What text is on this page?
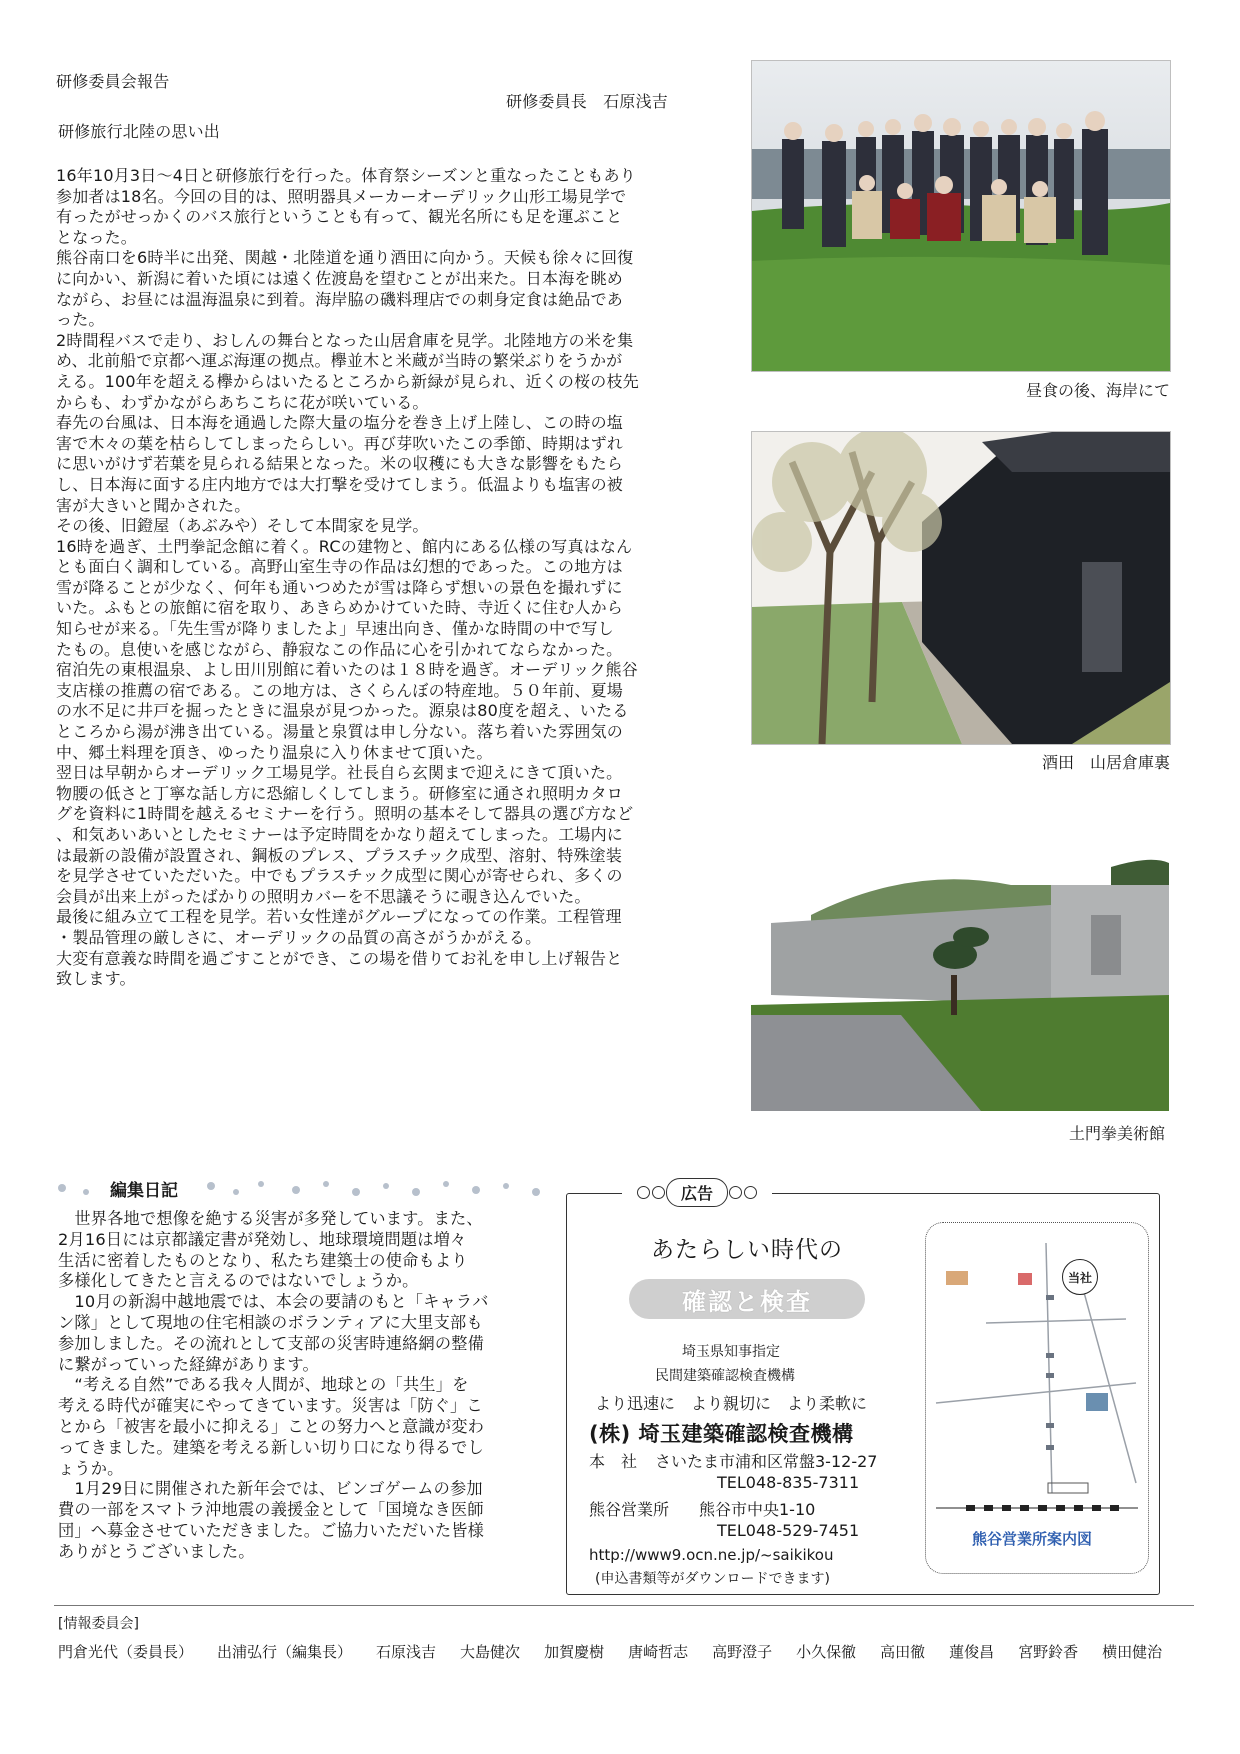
研修委員会報告
研修委員長　石原浅吉
研修旅行北陸の思い出

16年10月3日〜4日と研修旅行を行った。体育祭シーズンと重なったこともあり

参加者は18名。今回の目的は、照明器具メーカーオーデリック山形工場見学で

有ったがせっかくのバス旅行ということも有って、観光名所にも足を運ぶこと

となった。

熊谷南口を6時半に出発、関越・北陸道を通り酒田に向かう。天候も徐々に回復

に向かい、新潟に着いた頃には遠く佐渡島を望むことが出来た。日本海を眺め

ながら、お昼には温海温泉に到着。海岸脇の磯料理店での刺身定食は絶品であ

った。

2時間程バスで走り、おしんの舞台となった山居倉庫を見学。北陸地方の米を集

め、北前船で京都へ運ぶ海運の拠点。欅並木と米蔵が当時の繁栄ぶりをうかが

える。100年を超える欅からはいたるところから新緑が見られ、近くの桜の枝先

からも、わずかながらあちこちに花が咲いている。

春先の台風は、日本海を通過した際大量の塩分を巻き上げ上陸し、この時の塩

害で木々の葉を枯らしてしまったらしい。再び芽吹いたこの季節、時期はずれ

に思いがけず若葉を見られる結果となった。米の収穫にも大きな影響をもたら

し、日本海に面する庄内地方では大打撃を受けてしまう。低温よりも塩害の被

害が大きいと聞かされた。

その後、旧鐙屋（あぶみや）そして本間家を見学。

16時を過ぎ、土門拳記念館に着く。RCの建物と、館内にある仏様の写真はなん

とも面白く調和している。高野山室生寺の作品は幻想的であった。この地方は

雪が降ることが少なく、何年も通いつめたが雪は降らず想いの景色を撮れずに

いた。ふもとの旅館に宿を取り、あきらめかけていた時、寺近くに住む人から

知らせが来る。「先生雪が降りましたよ」早速出向き、僅かな時間の中で写し

たもの。息使いを感じながら、静寂なこの作品に心を引かれてならなかった。

宿泊先の東根温泉、よし田川別館に着いたのは１８時を過ぎ。オーデリック熊谷

支店様の推薦の宿である。この地方は、さくらんぼの特産地。５０年前、夏場

の水不足に井戸を掘ったときに温泉が見つかった。源泉は80度を超え、いたる

ところから湯が沸き出ている。湯量と泉質は申し分ない。落ち着いた雰囲気の

中、郷土料理を頂き、ゆったり温泉に入り休ませて頂いた。

翌日は早朝からオーデリック工場見学。社長自ら玄関まで迎えにきて頂いた。

物腰の低さと丁寧な話し方に恐縮しくしてしまう。研修室に通され照明カタロ

グを資料に1時間を越えるセミナーを行う。照明の基本そして器具の選び方など

、和気あいあいとしたセミナーは予定時間をかなり超えてしまった。工場内に

は最新の設備が設置され、鋼板のプレス、プラスチック成型、溶射、特殊塗装

を見学させていただいた。中でもプラスチック成型に関心が寄せられ、多くの

会員が出来上がったばかりの照明カバーを不思議そうに覗き込んでいた。

最後に組み立て工程を見学。若い女性達がグループになっての作業。工程管理

・製品管理の厳しさに、オーデリックの品質の高さがうかがえる。

大変有意義な時間を過ごすことができ、この場を借りてお礼を申し上げ報告と

致します。

昼食の後、海岸にて
酒田　山居倉庫裏
土門拳美術館
編集日記

　世界各地で想像を絶する災害が多発しています。また、

2月16日には京都議定書が発効し、地球環境問題は増々

生活に密着したものとなり、私たち建築士の使命もより

多様化してきたと言えるのではないでしょうか。

　10月の新潟中越地震では、本会の要請のもと「キャラバ

ン隊」として現地の住宅相談のボランティアに大里支部も

参加しました。その流れとして支部の災害時連絡網の整備

に繋がっていった経緯があります。

　“考える自然”である我々人間が、地球との「共生」を

考える時代が確実にやってきています。災害は「防ぐ」こ

とから「被害を最小に抑える」ことの努力へと意識が変わ

ってきました。建築を考える新しい切り口になり得るでし

ょうか。

　1月29日に開催された新年会では、ビンゴゲームの参加

費の一部をスマトラ沖地震の義援金として「国境なき医師

団」へ募金させていただきました。ご協力いただいた皆様

ありがとうございました。

広告
あたらしい時代の
確認と検査
埼玉県知事指定
民間建築確認検査機構
より迅速に　より親切に　より柔軟に
(株) 埼玉建築確認検査機構
本　社 さいたま市浦和区常盤3-12-27
TEL048-835-7311
熊谷営業所 熊谷市中央1-10
TEL048-529-7451
http://www9.ocn.ne.jp/~saikikou
(申込書類等がダウンロードできます)
当社
熊谷営業所案内図
[情報委員会]
門倉光代（委員長） 出浦弘行（編集長） 石原浅吉 大島健次 加賀慶樹 唐崎哲志 高野澄子 小久保徹 高田徹 蓮俊昌 宮野鈴香 横田健治
